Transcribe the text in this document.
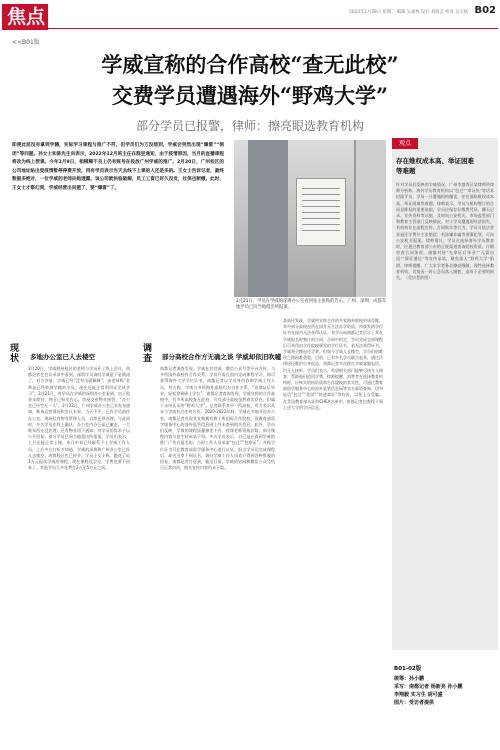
焦点	2023年2月28日 星期二 编辑 吴福林 设计 刘晓芸 校对 吴宗斌 B02
<<B01版
学威宣称的合作高校“查无此校”
交费学员遭遇海外“野鸡大学”
部分学员已报警，律师：擦亮眼选教育机构
即便此前没有拿到学籍，实际学习课程与推广不符，但学员们为万没想到，学威会突然出现“爆雷”“倒闭”等问题。孙女士和陈先生向表示，2022年12月班主任在群里通知，由于疫情原因，当月的直播课程将改为线上授课。今年2月9日，相模糊不良上仍有账号在投放广州学威的推广。2月20日，广州校区的公司地址贴出受疫情暂停停费开放，再有学员表示当天去线下上课的人还是多的。王女士告诉记者，最终数据多绝对，一位学威的老师向她透露，该公司就快临破解，员工工资已好久没发，社保也断缴。此时，王女士才察幻到，学威经营出问题了，要“爆雷”了。
2月21日，学员在学威的深圳办公室看到张主张贴的告示。广州、深圳、成都等地学员已向当地派出所报案。
现状 多地办公室已人去楼空
3月20日，学威照州校区的老师与学员开了线上会议，南都记者在会议录屏中看到，深圳学员询问学威是不是倒闭了，对方答复，学威已经“没有出面解释”，该老师称“老师是已经拿到学籍的学员，现在还能正常利用证完成学习”。2月21日，有学员在学威的深圳办公室看到，由于租金未续付，物业已贴出告示，房屋交由物业接管，“办公室已经空无一人”。2月22日，广州学威办公室已未发布通知，称该运营情况和会议未果，当天下午，已有学员前往办公室，现场仅有物业管理人员，后续还须办理。与此同时，多名学员在线上确认，办公室内办公桌已撤走，一大堆东西还没处理，还有物业留下通知，对学员的诉求予以公开回复，部分学员已向当地派出所报案。学员们表示，上月还能正常上课，本月中旬已经联系不上学威工作人员，之后多方打听才知道，学威的深圳和广州办公室已经人去楼空，成都校区也已停业。学员王女士称，她花了近3万元报读学威的课程，现在课程没学完，学费也要不回来了。其他学员大多花费在2万至5万元之间。
调查 部分高校合作方无确之谈 学威却依旧吹嘘
南都记者调查发现，学威在其官网、微信公众号等平台宣传，与多所国外高校有合作关系，学员只需在国内完成课程学习，即可获得海外大学学位证书。南都记者以学员身份咨询学威工作人员，对方称，学威与多所海外高校均为合作关系，“先拿证后毕业，轻松拿到硕士学位”。南都记者查询发现，学威宣称的合作高校中，有多所高校查无此校，另有部分高校虽然真实存在，但属于未经认证的“野鸡大学”。记者联系其中一所高校，对方表示从未与学威有过任何合作。2020-2022年间，学威在多地开设办公室，南都记者发现其宣称拥有数十所国际合作院校，但教育部留学服务中心的涉外监管信息网上并未查到相关信息。此外，学员们反映，学威的课程质量参差不齐，授课老师资质存疑，部分课程内容与招生时承诺不符。多名学员表示，自己是在看到学威的推广广告后报名的，当时工作人员承诺“包过”“包拿证”，并称学位证书可在教育部留学服务中心进行认证。但当学员们完成课程后，却迟迟拿不到证书，询问学威工作人员也只得到各种推脱的回复。南都记者注意到，截至目前，学威的官网和微信公众号仍可正常访问，相关宣传内容仍未下架。
查询还发现，学威所宣称合作的多家海外院校资质存疑，其中部分高校在所在国并无合法办学资质，所颁发的学位证书在国内无法获得认证。有学员向南都记者出示了其在学威报名时签订的合同，合同中约定，学员完成全部课程后可获得由合作院校颁发的学位证书，若无法获得证书，学威将全额退还学费。但如今学威人去楼空，学员们的维权之路困难重重。目前，已有多名学员联合起来，通过法律途径维护自身权益。南都记者多次拨打学威客服电话，均无人接听。学员们表示，希望相关部门能够尽快介入调查，帮助他们追回学费。律师提醒，消费者在选择教育机构时，应核实机构资质和合作院校的真实性，可通过教育部留学服务中心的涉外监管信息网等官方渠道查询，切勿轻信“包过”“免试”“快速拿证”等宣传，以免上当受骗。在美国教育部认证的CHEA名单中，南都记者也查找不到上述大学的学历信息。
观点
存在维权成本高、举证困难等难题
针对学员们反映的学威情况，广州市越秀区某律师所律师分析称，海外学历教育机构以“包过”“拿证快”等话术招揽学员，学员一旦遭遇机构爆雷，往往面临维权成本高、举证困难等难题。律师表示，学员与机构签订的合同是维权的重要依据，学员应保存好缴费凭证、聊天记录、宣传资料等证据，及时向公安机关、市场监管部门和教育主管部门反映情况。对于学员遭遇的经济损失，若机构存在虚假宣传、合同欺诈等行为，学员可依法要求退还学费并主张赔偿；若涉嫌诈骗等刑事犯罪，可向公安机关报案。律师建议，学员在选择海外学历教育时，应通过教育部公布的正规渠道查询院校资质，仔细审查合同条款，谨慎对待“先拿证后毕业”“无需出国”“保证通过”等宣传承诺，避免落入“野鸡大学”陷阱。律师提醒，广大求学者务必擦亮眼睛，理性选择教育机构，切莫因一时心急而落入圈套，造成不必要的损失。（受访者供图）
B01-02版
统筹：孙小鹏
采写：南都记者 杨新亮 孙小鹏
李翔毅 实习生 胡可盛
图片：受访者提供
